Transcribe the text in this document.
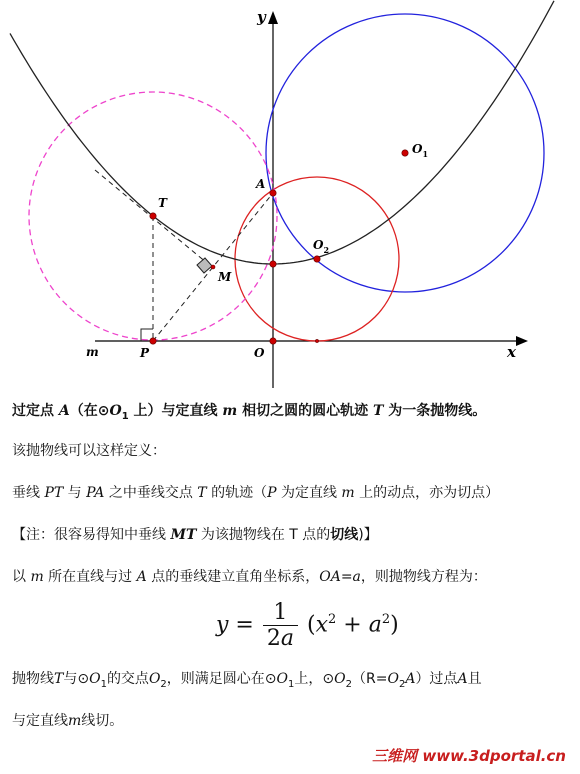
y
x
m	O
P
T
M
A
$O_1$
$O_2$
过定点 A（在$⊙O_1$ 上）与定直线 m 相切之圆的圆心轨迹 T 为一条抛物线。
该抛物线可以这样定义：
垂线 PT 与 PA 之中垂线交点 T 的轨迹（P 为定直线 m 上的动点，亦为切点）
【注：很容易得知中垂线 MT 为该抛物线在 T 点的切线)】
以 m 所在直线与过 A 点的垂线建立直角坐标系，OA=a，则抛物线方程为：
$y = \frac{1}{2a} (x^2 + a^2)$
抛物线T与$⊙O_1$的交点$O_2$，则满足圆心在$⊙O_1$上，$⊙O_2(R=O_2A)$过点A且
与定直线m线切。
三维网 www.3dportal.cn
